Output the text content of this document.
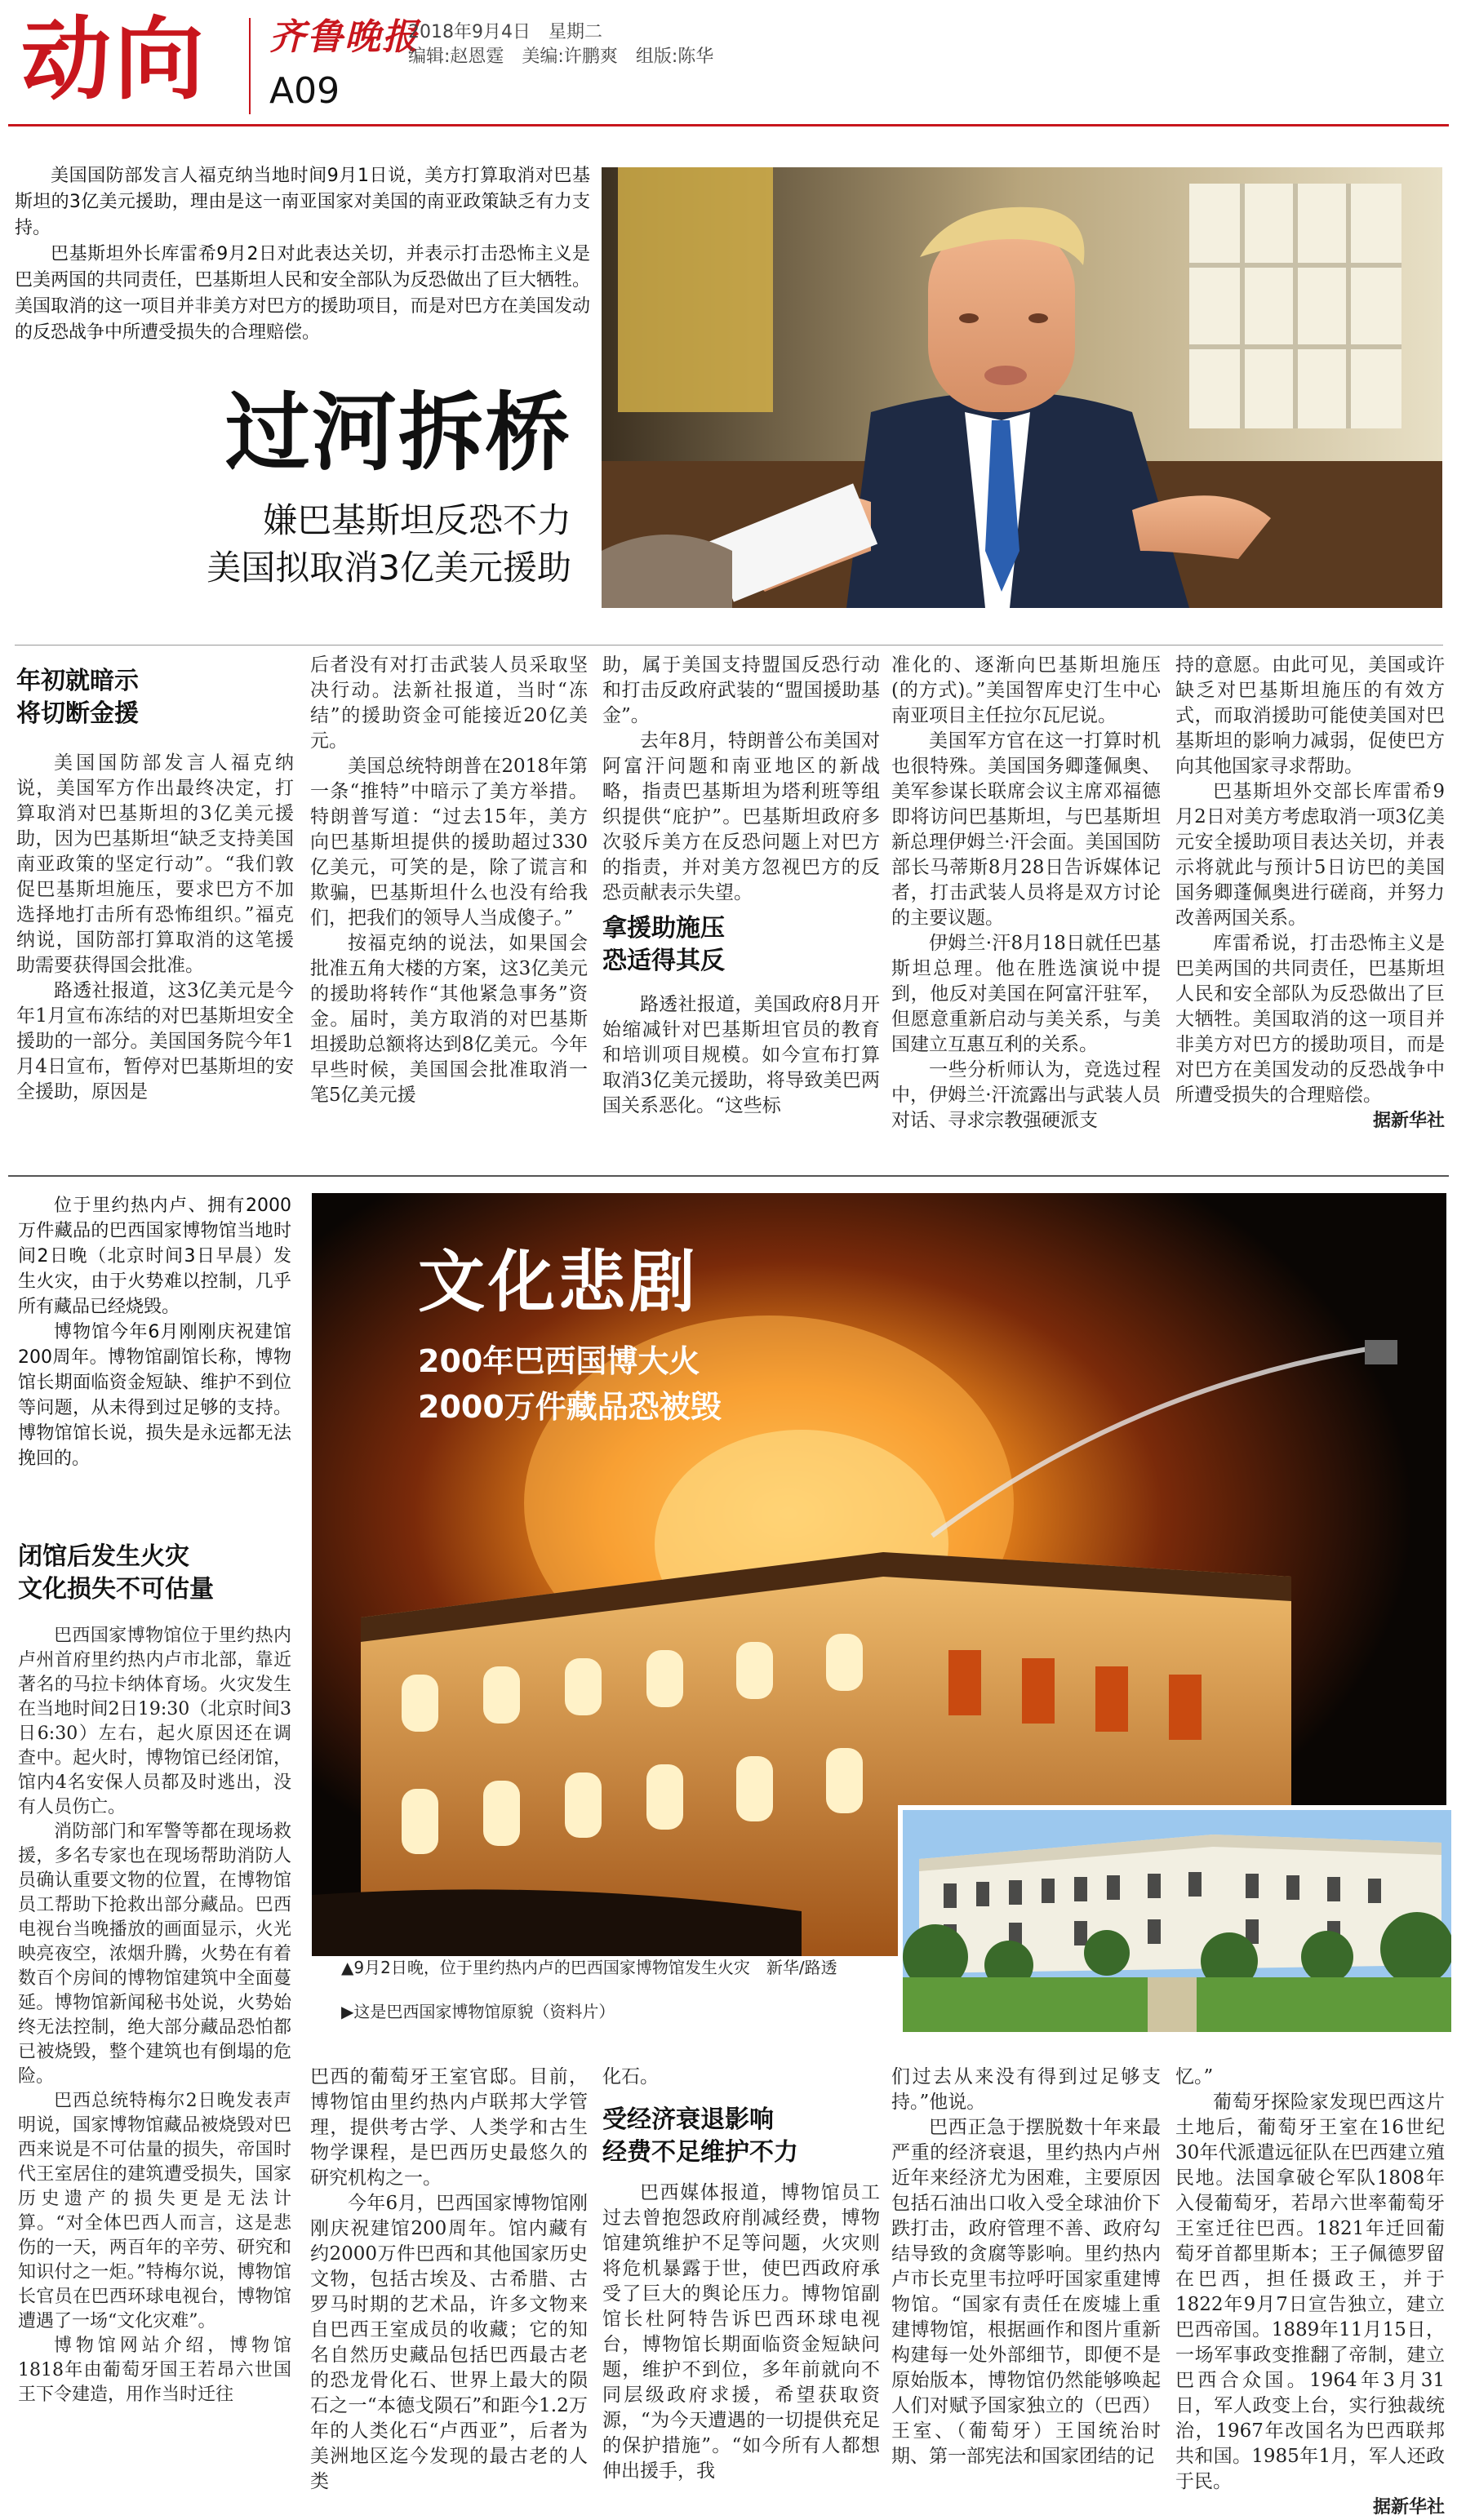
动向 齐鲁晚报
A09
2018年9月4日　星期二
编辑:赵恩霆　美编:许鹏爽　组版:陈华

美国国防部发言人福克纳当地时间9月1日说，美方打算取消对巴基斯坦的3亿美元援助，理由是这一南亚国家对美国的南亚政策缺乏有力支持。

巴基斯坦外长库雷希9月2日对此表达关切，并表示打击恐怖主义是巴美两国的共同责任，巴基斯坦人民和安全部队为反恐做出了巨大牺牲。美国取消的这一项目并非美方对巴方的援助项目，而是对巴方在美国发动的反恐战争中所遭受损失的合理赔偿。

过河拆桥
嫌巴基斯坦反恐不力
美国拟取消3亿美元援助
年初就暗示
将切断金援

美国国防部发言人福克纳说，美国军方作出最终决定，打算取消对巴基斯坦的3亿美元援助，因为巴基斯坦“缺乏支持美国南亚政策的坚定行动”。“我们敦促巴基斯坦施压，要求巴方不加选择地打击所有恐怖组织。”福克纳说，国防部打算取消的这笔援助需要获得国会批准。

路透社报道，这3亿美元是今年1月宣布冻结的对巴基斯坦安全援助的一部分。美国国务院今年1月4日宣布，暂停对巴基斯坦的安全援助，原因是

后者没有对打击武装人员采取坚决行动。法新社报道，当时“冻结”的援助资金可能接近20亿美元。

美国总统特朗普在2018年第一条“推特”中暗示了美方举措。特朗普写道：“过去15年，美方向巴基斯坦提供的援助超过330亿美元，可笑的是，除了谎言和欺骗，巴基斯坦什么也没有给我们，把我们的领导人当成傻子。”

按福克纳的说法，如果国会批准五角大楼的方案，这3亿美元的援助将转作“其他紧急事务”资金。届时，美方取消的对巴基斯坦援助总额将达到8亿美元。今年早些时候，美国国会批准取消一笔5亿美元援

助，属于美国支持盟国反恐行动和打击反政府武装的“盟国援助基金”。

去年8月，特朗普公布美国对阿富汗问题和南亚地区的新战略，指责巴基斯坦为塔利班等组织提供“庇护”。巴基斯坦政府多次驳斥美方在反恐问题上对巴方的指责，并对美方忽视巴方的反恐贡献表示失望。

拿援助施压
恐适得其反

路透社报道，美国政府8月开始缩减针对巴基斯坦官员的教育和培训项目规模。如今宣布打算取消3亿美元援助，将导致美巴两国关系恶化。“这些标

准化的、逐渐向巴基斯坦施压(的方式)。”美国智库史汀生中心南亚项目主任拉尔瓦尼说。

美国军方官在这一打算时机也很特殊。美国国务卿蓬佩奥、美军参谋长联席会议主席邓福德即将访问巴基斯坦，与巴基斯坦新总理伊姆兰·汗会面。美国国防部长马蒂斯8月28日告诉媒体记者，打击武装人员将是双方讨论的主要议题。

伊姆兰·汗8月18日就任巴基斯坦总理。他在胜选演说中提到，他反对美国在阿富汗驻军，但愿意重新启动与美关系，与美国建立互惠互利的关系。

一些分析师认为，竞选过程中，伊姆兰·汗流露出与武装人员对话、寻求宗教强硬派支

持的意愿。由此可见，美国或许缺乏对巴基斯坦施压的有效方式，而取消援助可能使美国对巴基斯坦的影响力减弱，促使巴方向其他国家寻求帮助。

巴基斯坦外交部长库雷希9月2日对美方考虑取消一项3亿美元安全援助项目表达关切，并表示将就此与预计5日访巴的美国国务卿蓬佩奥进行磋商，并努力改善两国关系。

库雷希说，打击恐怖主义是巴美两国的共同责任，巴基斯坦人民和安全部队为反恐做出了巨大牺牲。美国取消的这一项目并非美方对巴方的援助项目，而是对巴方在美国发动的反恐战争中所遭受损失的合理赔偿。

据新华社

位于里约热内卢、拥有2000万件藏品的巴西国家博物馆当地时间2日晚（北京时间3日早晨）发生火灾，由于火势难以控制，几乎所有藏品已经烧毁。

博物馆今年6月刚刚庆祝建馆200周年。博物馆副馆长称，博物馆长期面临资金短缺、维护不到位等问题，从未得到过足够的支持。博物馆馆长说，损失是永远都无法挽回的。

文化悲剧
200年巴西国博大火
2000万件藏品恐被毁
▲9月2日晚，位于里约热内卢的巴西国家博物馆发生火灾　新华/路透
▶这是巴西国家博物馆原貌（资料片）
闭馆后发生火灾
文化损失不可估量

巴西国家博物馆位于里约热内卢州首府里约热内卢市北部，靠近著名的马拉卡纳体育场。火灾发生在当地时间2日19:30（北京时间3日6:30）左右，起火原因还在调查中。起火时，博物馆已经闭馆，馆内4名安保人员都及时逃出，没有人员伤亡。

消防部门和军警等都在现场救援，多名专家也在现场帮助消防人员确认重要文物的位置，在博物馆员工帮助下抢救出部分藏品。巴西电视台当晚播放的画面显示，火光映亮夜空，浓烟升腾，火势在有着数百个房间的博物馆建筑中全面蔓延。博物馆新闻秘书处说，火势始终无法控制，绝大部分藏品恐怕都已被烧毁，整个建筑也有倒塌的危险。

巴西总统特梅尔2日晚发表声明说，国家博物馆藏品被烧毁对巴西来说是不可估量的损失，帝国时代王室居住的建筑遭受损失，国家历史遗产的损失更是无法计算。“对全体巴西人而言，这是悲伤的一天，两百年的辛劳、研究和知识付之一炬。”特梅尔说，博物馆长官员在巴西环球电视台，博物馆遭遇了一场“文化灾难”。

博物馆网站介绍，博物馆1818年由葡萄牙国王若昂六世国王下令建造，用作当时迁往

巴西的葡萄牙王室官邸。目前，博物馆由里约热内卢联邦大学管理，提供考古学、人类学和古生物学课程，是巴西历史最悠久的研究机构之一。

今年6月，巴西国家博物馆刚刚庆祝建馆200周年。馆内藏有约2000万件巴西和其他国家历史文物，包括古埃及、古希腊、古罗马时期的艺术品，许多文物来自巴西王室成员的收藏；它的知名自然历史藏品包括巴西最古老的恐龙骨化石、世界上最大的陨石之一“本德戈陨石”和距今1.2万年的人类化石“卢西亚”，后者为美洲地区迄今发现的最古老的人类

化石。
受经济衰退影响
经费不足维护不力

巴西媒体报道，博物馆员工过去曾抱怨政府削减经费，博物馆建筑维护不足等问题，火灾则将危机暴露于世，使巴西政府承受了巨大的舆论压力。博物馆副馆长杜阿特告诉巴西环球电视台，博物馆长期面临资金短缺问题，维护不到位，多年前就向不同层级政府求援，希望获取资源，“为今天遭遇的一切提供充足的保护措施”。“如今所有人都想伸出援手，我

们过去从来没有得到过足够支持。”他说。

巴西正急于摆脱数十年来最严重的经济衰退，里约热内卢州近年来经济尤为困难，主要原因包括石油出口收入受全球油价下跌打击，政府管理不善、政府勾结导致的贪腐等影响。里约热内卢市长克里韦拉呼吁国家重建博物馆。“国家有责任在废墟上重建博物馆，根据画作和图片重新构建每一处外部细节，即便不是原始版本，博物馆仍然能够唤起人们对赋予国家独立的（巴西）王室、（葡萄牙）王国统治时期、第一部宪法和国家团结的记

忆。”

葡萄牙探险家发现巴西这片土地后，葡萄牙王室在16世纪30年代派遣远征队在巴西建立殖民地。法国拿破仑军队1808年入侵葡萄牙，若昂六世率葡萄牙王室迁往巴西。1821年迁回葡萄牙首都里斯本；王子佩德罗留在巴西，担任摄政王，并于1822年9月7日宣告独立，建立巴西帝国。1889年11月15日，一场军事政变推翻了帝制，建立巴西合众国。1964年3月31日，军人政变上台，实行独裁统治，1967年改国名为巴西联邦共和国。1985年1月，军人还政于民。

据新华社
